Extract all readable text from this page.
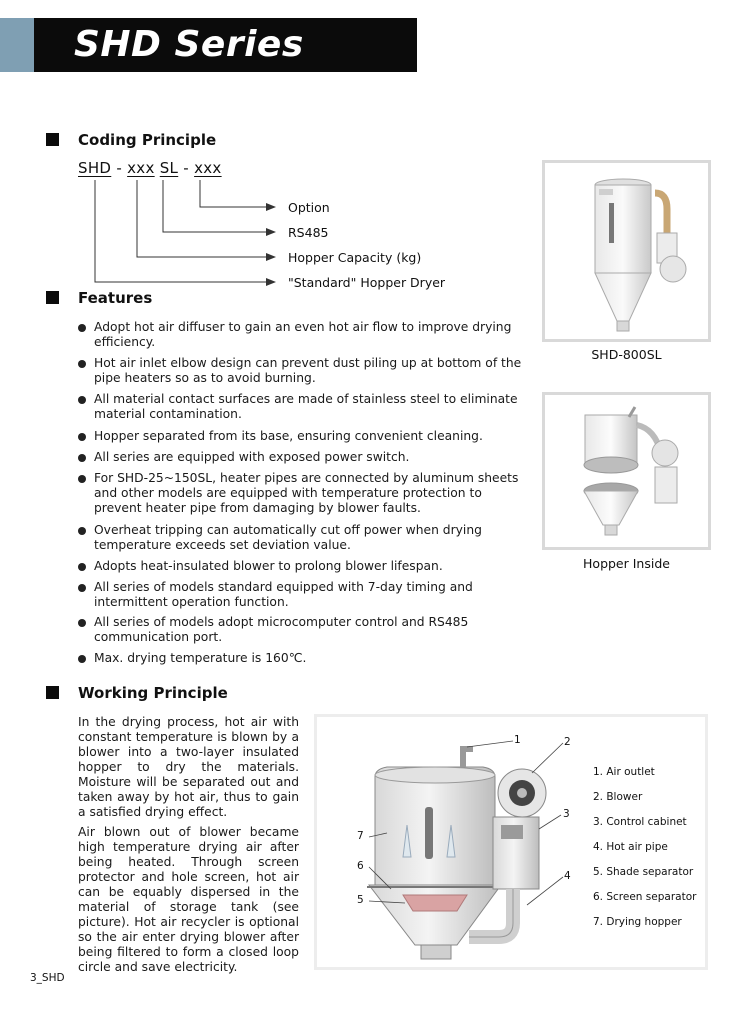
SHD Series
Coding Principle
SHD - xxx SL - xxx
Option
RS485
Hopper Capacity (kg)
"Standard" Hopper Dryer
Features
Adopt hot air diffuser to gain an even hot air flow to improve drying efficiency.
Hot air inlet elbow design can prevent dust piling up at bottom of the pipe heaters so as to avoid burning.
All material contact surfaces are made of stainless steel to eliminate material contamination.
Hopper separated from its base, ensuring convenient cleaning.
All series are equipped with exposed power switch.
For SHD-25~150SL, heater pipes are connected by aluminum sheets and other models are equipped with temperature protection to prevent heater pipe from damaging by blower faults.
Overheat tripping can automatically cut off power when drying temperature exceeds set deviation value.
Adopts heat-insulated blower to prolong blower lifespan.
All series of models standard equipped with 7-day timing and intermittent operation function.
All series of models adopt microcomputer control and RS485 communication port.
Max. drying temperature is 160℃.
SHD-800SL
Hopper Inside
Working Principle
In the drying process, hot air with constant temperature is blown by a blower into a two-layer insulated hopper to dry the materials. Moisture will be separated out and taken away by hot air, thus to gain a satisfied drying effect.
Air blown out of blower became high temperature drying air after being heated. Through screen protector and hole screen, hot air can be equably dispersed in the material of storage tank (see picture). Hot air recycler is optional so the air enter drying blower after being filtered to form a closed loop circle and save electricity.
1	2
3
4
5
6
7
1. Air outlet
2. Blower
3. Control cabinet
4. Hot air pipe
5. Shade separator
6. Screen separator
7. Drying hopper
3_SHD
